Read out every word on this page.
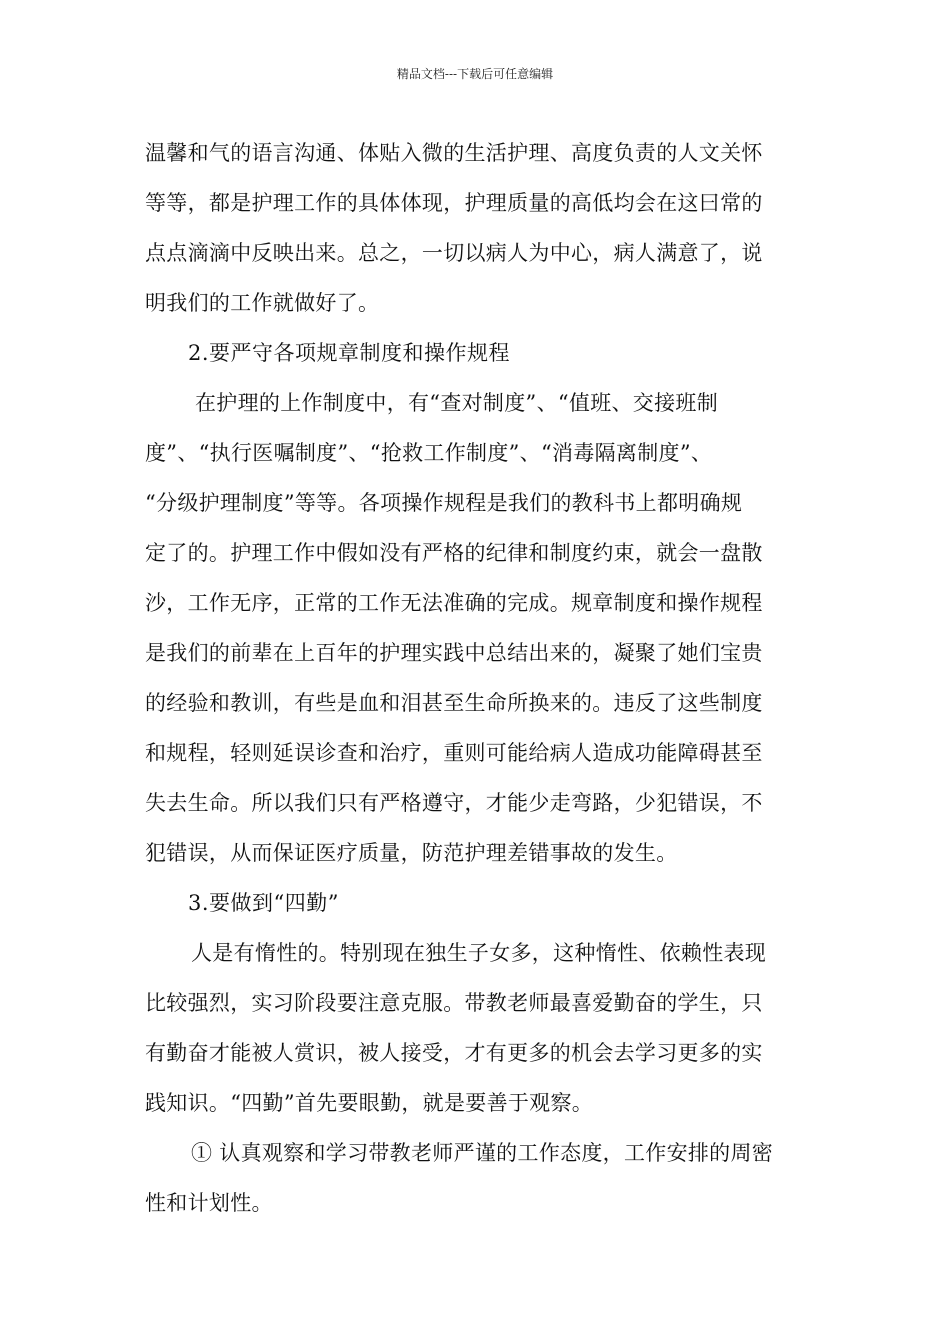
精品文档---下载后可任意编辑
温馨和气的语言沟通、体贴入微的生活护理、高度负责的人文关怀
等等，都是护理工作的具体体现，护理质量的高低均会在这曰常的
点点滴滴中反映出来。总之，一切以病人为中心，病人满意了，说
明我们的工作就做好了。
2.要严守各项规章制度和操作规程
在护理的上作制度中，有“查对制度”、“值班、交接班制
度”、“执行医嘱制度”、“抢救工作制度”、“消毒隔离制度”、
“分级护理制度”等等。各项操作规程是我们的教科书上都明确规
定了的。护理工作中假如没有严格的纪律和制度约束，就会一盘散
沙，工作无序，正常的工作无法准确的完成。规章制度和操作规程
是我们的前辈在上百年的护理实践中总结出来的，凝聚了她们宝贵
的经验和教训，有些是血和泪甚至生命所换来的。违反了这些制度
和规程，轻则延误诊查和治疗，重则可能给病人造成功能障碍甚至
失去生命。所以我们只有严格遵守，才能少走弯路，少犯错误，不
犯错误，从而保证医疗质量，防范护理差错事故的发生。
3.要做到“四勤”
人是有惰性的。特别现在独生子女多，这种惰性、依赖性表现
比较强烈，实习阶段要注意克服。带教老师最喜爱勤奋的学生，只
有勤奋才能被人赏识，被人接受，才有更多的机会去学习更多的实
践知识。“四勤”首先要眼勤，就是要善于观察。
① 认真观察和学习带教老师严谨的工作态度，工作安排的周密
性和计划性。
